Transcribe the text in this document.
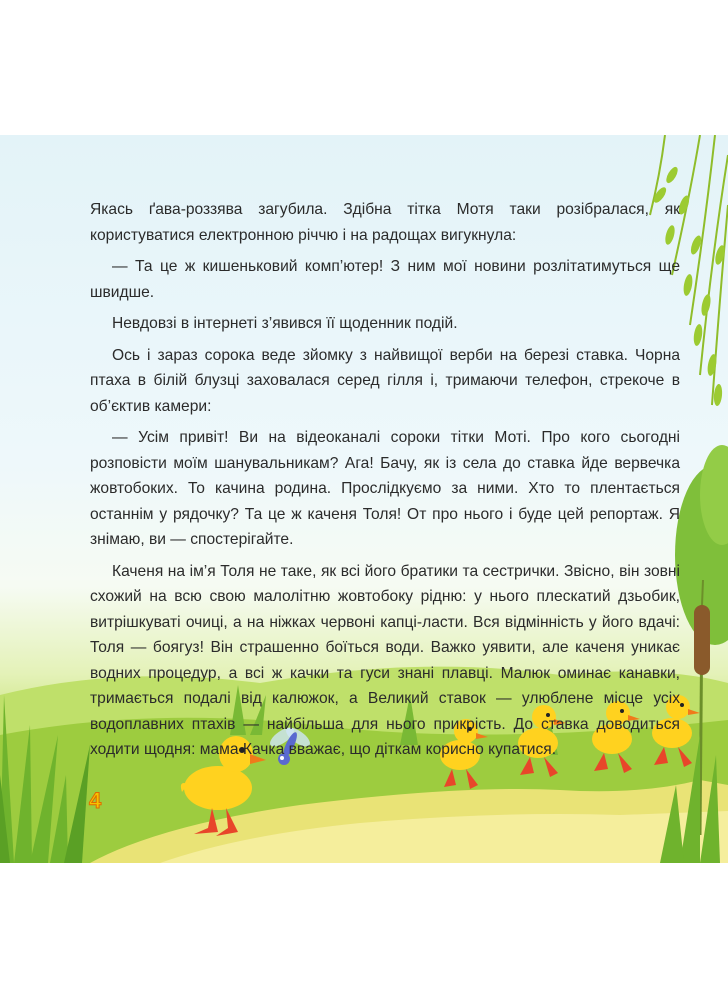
Якась ґава-роззява загубила. Здібна тітка Мотя таки розібралася, як користуватися електронною річчю і на радощах вигукнула:

— Та це ж кишеньковий комп’ютер! З ним мої новини розлітатимуться ще швидше.

Невдовзі в інтернеті з’явився її щоденник подій.

Ось і зараз сорока веде зйомку з найвищої верби на березі ставка. Чорна птаха в білій блузці заховалася серед гілля і, тримаючи телефон, стрекоче в об’єктив камери:

— Усім привіт! Ви на відеоканалі сороки тітки Моті. Про кого сьогодні розповісти моїм шанувальникам? Ага! Бачу, як із села до ставка йде вервечка жовтобоких. То качина родина. Прослідкуємо за ними. Хто то плентається останнім у рядочку? Та це ж каченя Толя! От про нього і буде цей репортаж. Я знімаю, ви — спостерігайте.

Каченя на ім’я Толя не таке, як всі його братики та сестрички. Звісно, він зовні схожий на всю свою малолітню жовтобоку рідню: у нього плескатий дзьобик, витрішкуваті очиці, а на ніжках червоні капці-ласти. Вся відмінність у його вдачі: Толя — боягуз! Він страшенно боїться води. Важко уявити, але каченя уникає водних процедур, а всі ж качки та гуси знані плавці. Малюк оминає канавки, тримається подалі від калюжок, а Великий ставок — улюблене місце усіх водоплавних птахів — найбільша для нього прикрість. До ставка доводиться ходити щодня: мама Качка вважає, що діткам корисно купатися.

4
